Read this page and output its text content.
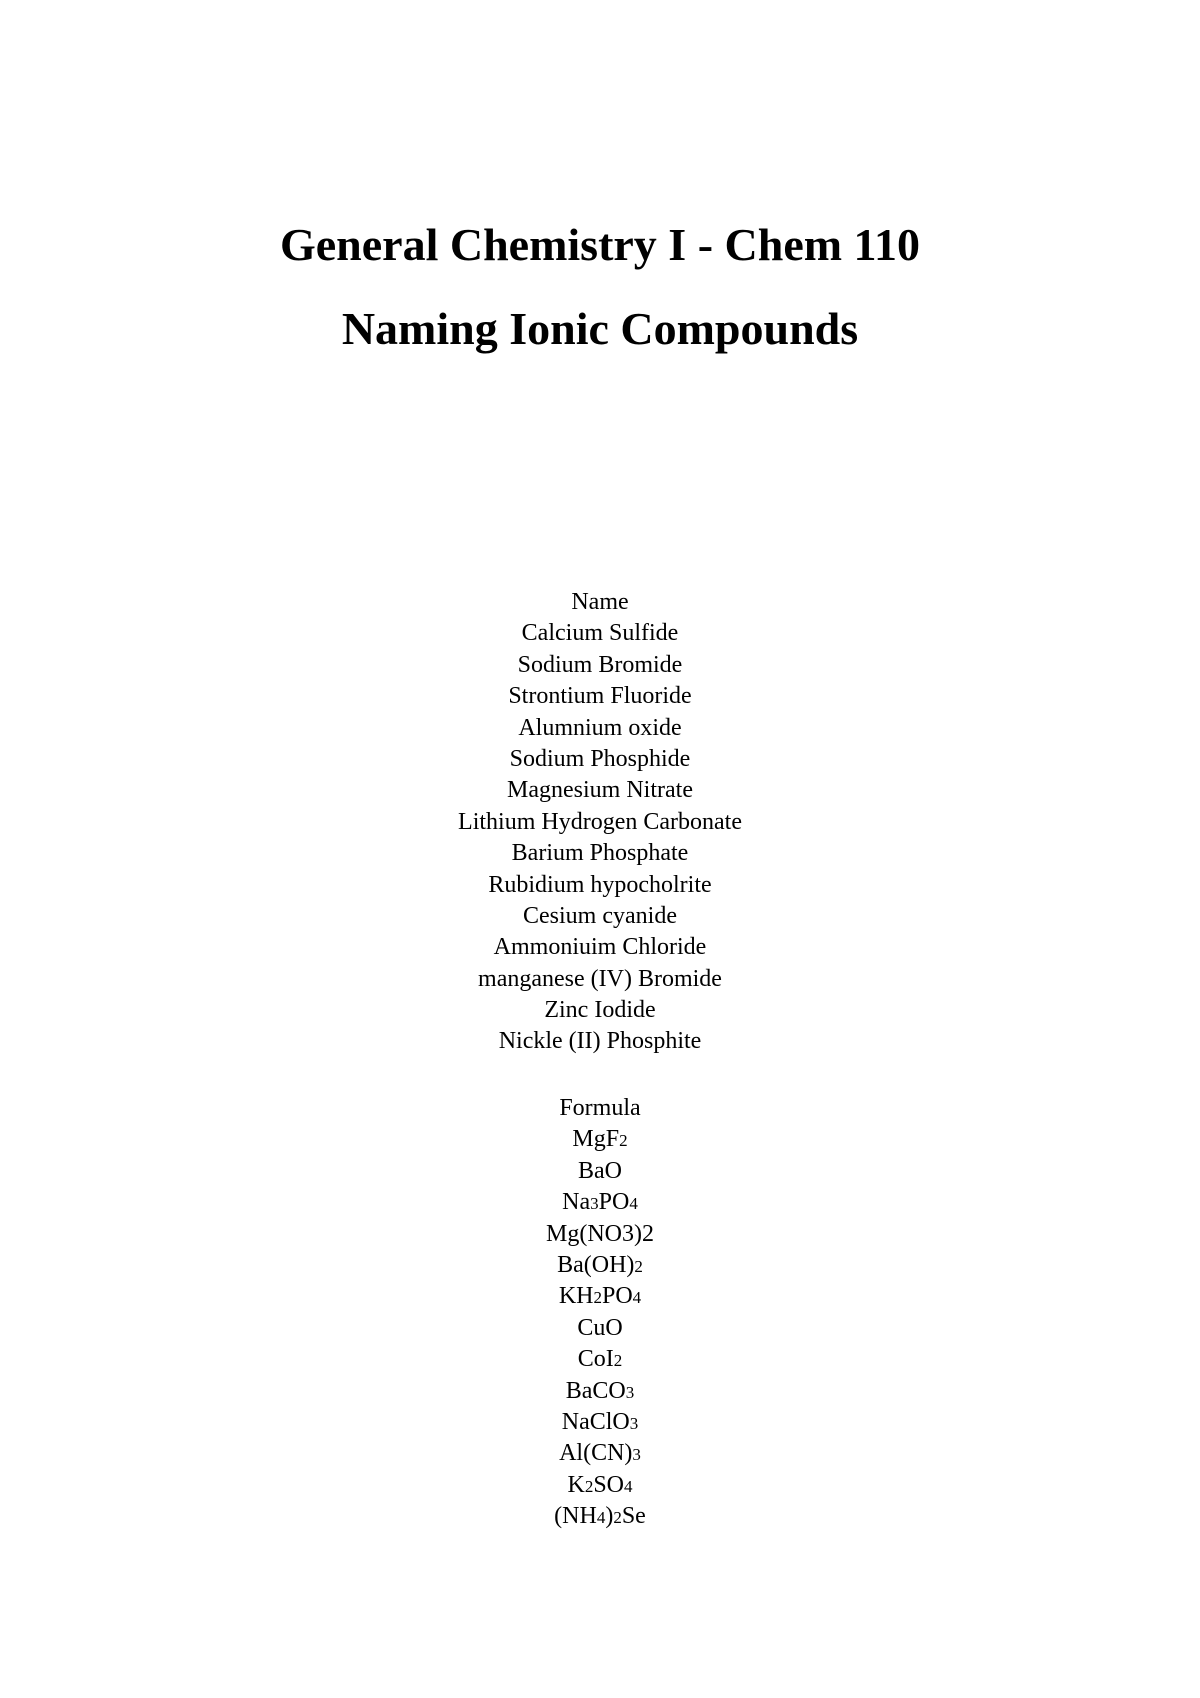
General Chemistry I - Chem 110
Naming Ionic Compounds
Name
Calcium Sulfide
Sodium Bromide
Strontium Fluoride
Alumnium oxide
Sodium Phosphide
Magnesium Nitrate
Lithium Hydrogen Carbonate
Barium Phosphate
Rubidium hypocholrite
Cesium cyanide
Ammoniuim Chloride
manganese (IV) Bromide
Zinc Iodide
Nickle (II) Phosphite
Formula
MgF2
BaO
Na3PO4
Mg(NO3)2
Ba(OH)2
KH2PO4
CuO
CoI2
BaCO3
NaClO3
Al(CN)3
K2SO4
(NH4)2Se
